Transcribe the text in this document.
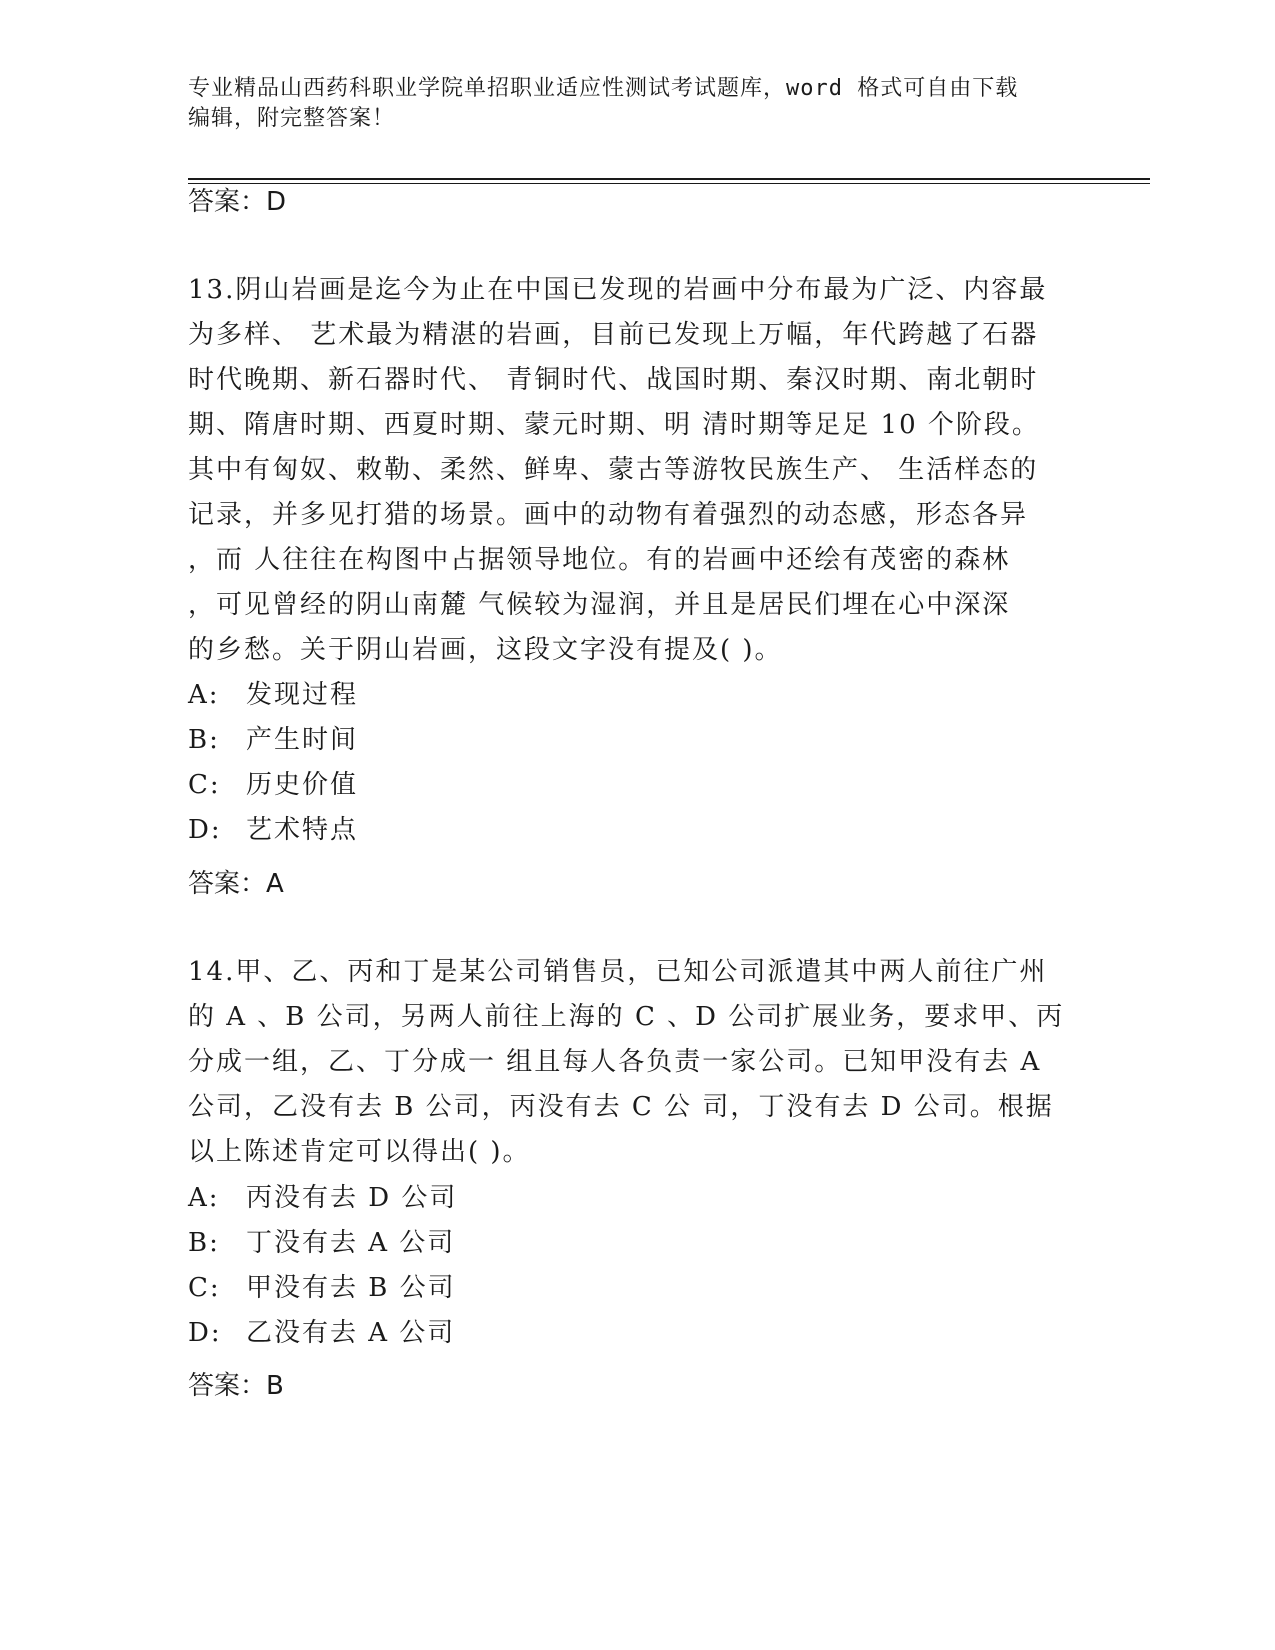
专业精品山西药科职业学院单招职业适应性测试考试题库，word 格式可自由下载
编辑，附完整答案！
答案：D
13.阴山岩画是迄今为止在中国已发现的岩画中分布最为广泛、内容最
为多样、 艺术最为精湛的岩画，目前已发现上万幅，年代跨越了石器
时代晚期、新石器时代、 青铜时代、战国时期、秦汉时期、南北朝时
期、隋唐时期、西夏时期、蒙元时期、明 清时期等足足 10 个阶段。
其中有匈奴、敕勒、柔然、鲜卑、蒙古等游牧民族生产、 生活样态的
记录，并多见打猎的场景。画中的动物有着强烈的动态感，形态各异
，而 人往往在构图中占据领导地位。有的岩画中还绘有茂密的森林
，可见曾经的阴山南麓 气候较为湿润，并且是居民们埋在心中深深
的乡愁。关于阴山岩画，这段文字没有提及( )。
A: 发现过程
B: 产生时间
C: 历史价值
D: 艺术特点
答案：A
14.甲、乙、丙和丁是某公司销售员，已知公司派遣其中两人前往广州
的 A 、B 公司，另两人前往上海的 C 、D 公司扩展业务，要求甲、丙
分成一组，乙、丁分成一 组且每人各负责一家公司。已知甲没有去 A
公司，乙没有去 B 公司，丙没有去 C 公 司，丁没有去 D 公司。根据
以上陈述肯定可以得出( )。
A: 丙没有去 D 公司
B: 丁没有去 A 公司
C: 甲没有去 B 公司
D: 乙没有去 A 公司
答案：B
